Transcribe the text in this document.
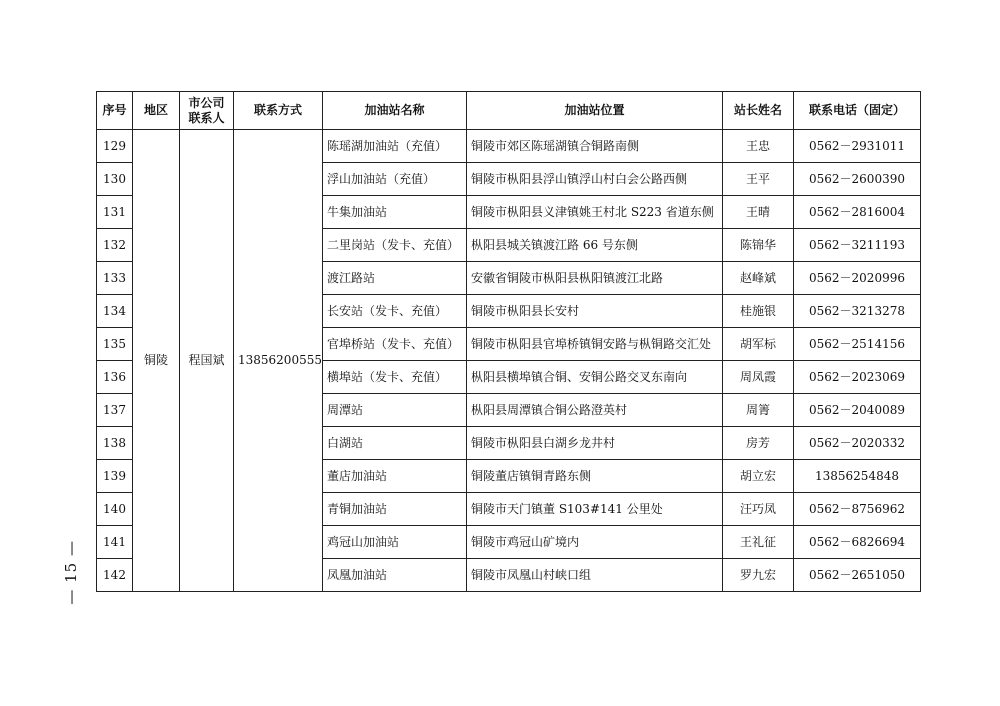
— 15 —
序号	地区	市公司联系人	联系方式	加油站名称	加油站位置	站长姓名	联系电话（固定）
129	铜陵	程国斌	13856200555	陈瑶湖加油站（充值）	铜陵市郊区陈瑶湖镇合铜路南侧	王忠	0562－2931011
130				浮山加油站（充值）	铜陵市枞阳县浮山镇浮山村白会公路西侧	王平	0562－2600390
131				牛集加油站	铜陵市枞阳县义津镇姚王村北 S223 省道东侧	王晴	0562－2816004
132				二里岗站（发卡、充值）	枞阳县城关镇渡江路 66 号东侧	陈锦华	0562－3211193
133				渡江路站	安徽省铜陵市枞阳县枞阳镇渡江北路	赵峰斌	0562－2020996
134				长安站（发卡、充值）	铜陵市枞阳县长安村	桂施银	0562－3213278
135				官埠桥站（发卡、充值）	铜陵市枞阳县官埠桥镇铜安路与枞铜路交汇处	胡军标	0562－2514156
136				横埠站（发卡、充值）	枞阳县横埠镇合铜、安铜公路交叉东南向	周凤霞	0562－2023069
137				周潭站	枞阳县周潭镇合铜公路澄英村	周箐	0562－2040089
138				白湖站	铜陵市枞阳县白湖乡龙井村	房芳	0562－2020332
139				董店加油站	铜陵董店镇铜青路东侧	胡立宏	13856254848
140				青铜加油站	铜陵市天门镇董 S103#141 公里处	汪巧凤	0562－8756962
141				鸡冠山加油站	铜陵市鸡冠山矿境内	王礼征	0562－6826694
142				凤凰加油站	铜陵市凤凰山村峡口组	罗九宏	0562－2651050
